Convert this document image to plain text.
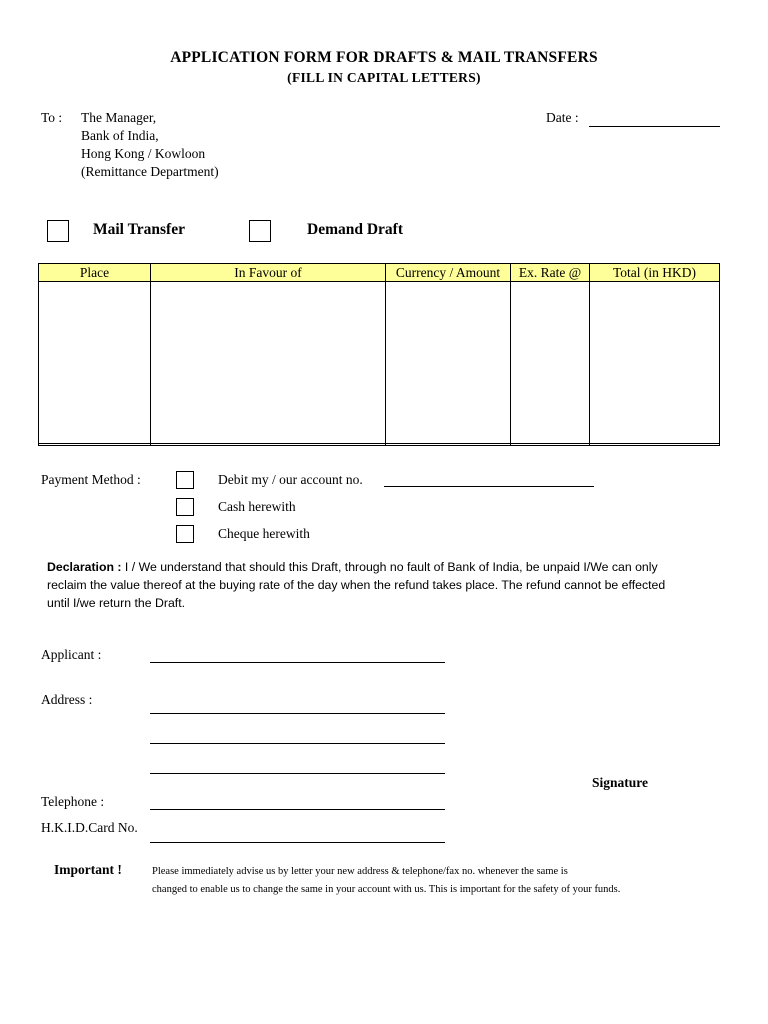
APPLICATION FORM FOR DRAFTS & MAIL TRANSFERS
(FILL IN CAPITAL LETTERS)
To : The Manager,
Bank of India,
Hong Kong / Kowloon
(Remittance Department)
Date :
Mail Transfer	Demand Draft
Place	In Favour of	Currency / Amount	Ex. Rate @	Total (in HKD)
Payment Method :	Debit my / our account no.
Cash herewith
Cheque herewith
Declaration : I / We understand that should this Draft, through no fault of Bank of India, be unpaid I/We can only reclaim the value thereof at the buying rate of the day when the refund takes place. The refund cannot be effected until I/we return the Draft.
Applicant :
Address :
Signature
Telephone :
H.K.I.D.Card No.
Important !	Please immediately advise us by letter your new address & telephone/fax no. whenever the same is
changed to enable us to change the same in your account with us. This is important for the safety of your funds.
